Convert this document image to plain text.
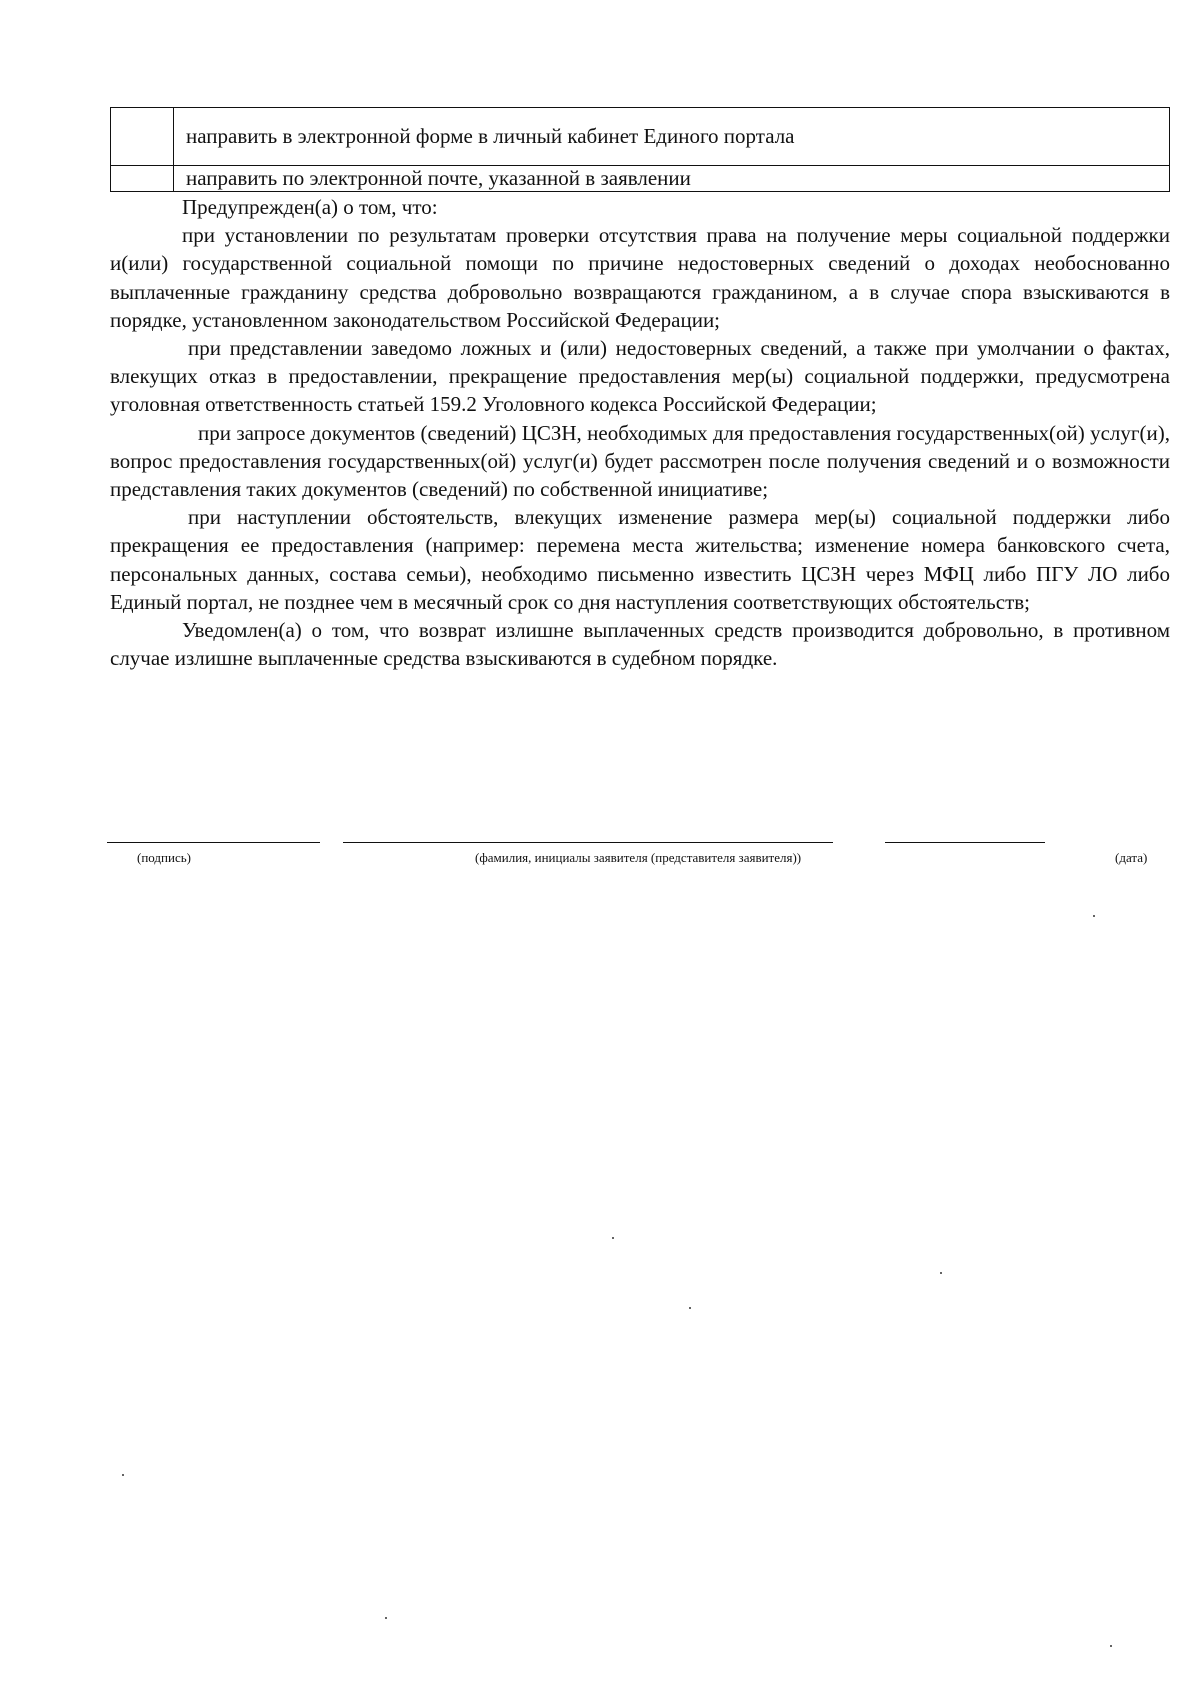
	направить в электронной форме в личный кабинет Единого портала
	направить по электронной почте, указанной в заявлении

Предупрежден(а) о том, что:

при установлении по результатам проверки отсутствия права на получение меры социальной поддержки и(или) государственной социальной помощи по причине недостоверных сведений о доходах необоснованно выплаченные гражданину средства добровольно возвращаются гражданином, а в случае спора взыскиваются в порядке, установленном законодательством Российской Федерации;

при представлении заведомо ложных и (или) недостоверных сведений, а также при умолчании о фактах, влекущих отказ в предоставлении, прекращение предоставления мер(ы) социальной поддержки, предусмотрена уголовная ответственность статьей 159.2 Уголовного кодекса Российской Федерации;

при запросе документов (сведений) ЦСЗН, необходимых для предоставления государственных(ой) услуг(и), вопрос предоставления государственных(ой) услуг(и) будет рассмотрен после получения сведений и о возможности представления таких документов (сведений) по собственной инициативе;

при наступлении обстоятельств, влекущих изменение размера мер(ы) социальной поддержки либо прекращения ее предоставления (например: перемена места жительства; изменение номера банковского счета, персональных данных, состава семьи), необходимо письменно известить ЦСЗН через МФЦ либо ПГУ ЛО либо Единый портал, не позднее чем в месячный срок со дня наступления соответствующих обстоятельств;

Уведомлен(а) о том, что возврат излишне выплаченных средств производится добровольно, в противном случае излишне выплаченные средства взыскиваются в судебном порядке.

(подпись)	(фамилия, инициалы заявителя (представителя заявителя))	(дата)
